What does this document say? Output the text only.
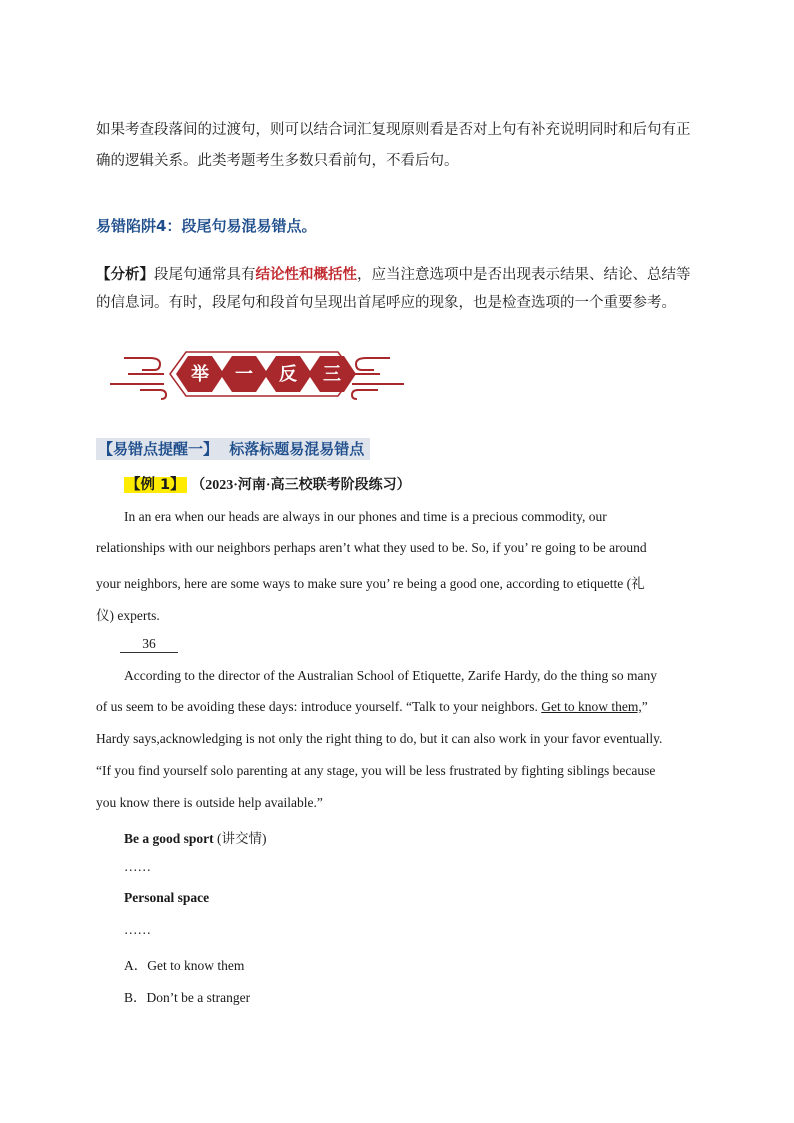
如果考查段落间的过渡句，则可以结合词汇复现原则看是否对上句有补充说明同时和后句有正
确的逻辑关系。此类考题考生多数只看前句，不看后句。
易错陷阱4：段尾句易混易错点。
【分析】段尾句通常具有结论性和概括性，应当注意选项中是否出现表示结果、结论、总结等
的信息词。有时，段尾句和段首句呈现出首尾呼应的现象，也是检查选项的一个重要参考。
举 一 反 三
【易错点提醒一】 标落标题易混易错点
【例 1】 （2023·河南·高三校联考阶段练习）
In an era when our heads are always in our phones and time is a precious commodity, our
relationships with our neighbors perhaps aren’t what they used to be. So, if you’ re going to be around
your neighbors, here are some ways to make sure you’ re being a good one, according to etiquette (礼
仪) experts.
36
According to the director of the Australian School of Etiquette, Zarife Hardy, do the thing so many
of us seem to be avoiding these days: introduce yourself. “Talk to your neighbors. Get to know them,”
Hardy says,acknowledging is not only the right thing to do, but it can also work in your favor eventually.
“If you find yourself solo parenting at any stage, you will be less frustrated by fighting siblings because
you know there is outside help available.”
Be a good sport (讲交情)
……
Personal space
……
A．Get to know them
B．Don’t be a stranger
